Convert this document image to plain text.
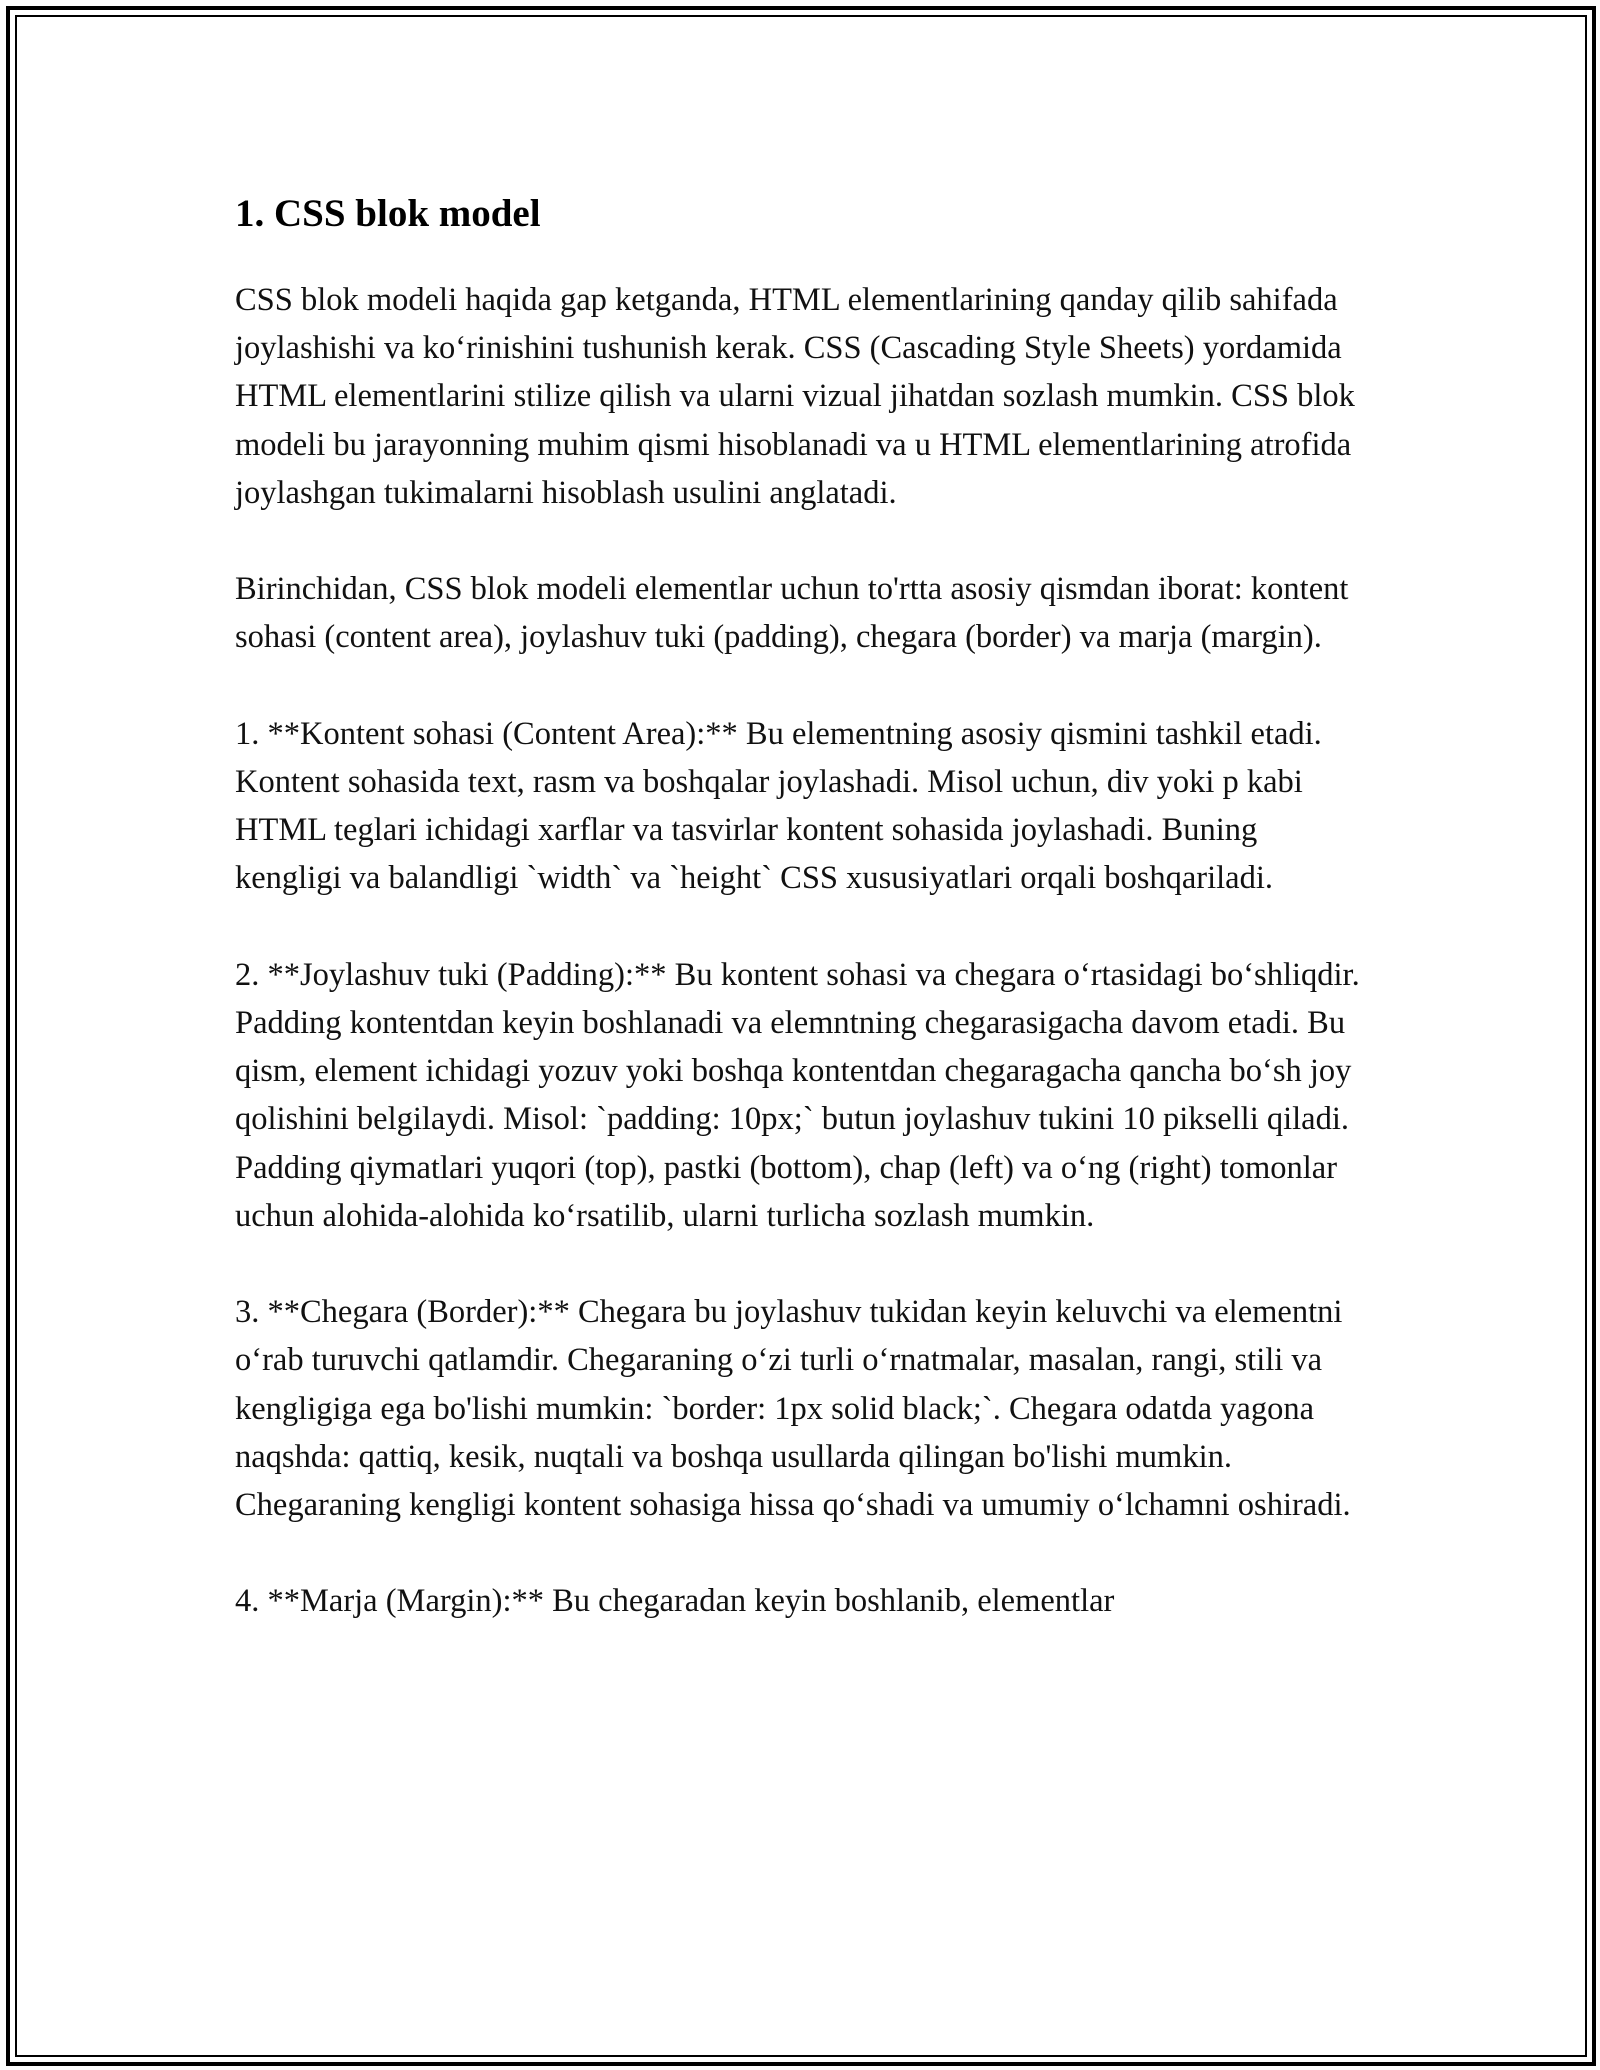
1. CSS blok model

CSS blok modeli haqida gap ketganda, HTML elementlarining qanday qilib sahifada joylashishi va koʻrinishini tushunish kerak. CSS (Cascading Style Sheets) yordamida HTML elementlarini stilize qilish va ularni vizual jihatdan sozlash mumkin. CSS blok modeli bu jarayonning muhim qismi hisoblanadi va u HTML elementlarining atrofida joylashgan tukimalarni hisoblash usulini anglatadi.

Birinchidan, CSS blok modeli elementlar uchun to'rtta asosiy qismdan iborat: kontent sohasi (content area), joylashuv tuki (padding), chegara (border) va marja (margin).

1. **Kontent sohasi (Content Area):** Bu elementning asosiy qismini tashkil etadi. Kontent sohasida text, rasm va boshqalar joylashadi. Misol uchun, div yoki p kabi HTML teglari ichidagi xarflar va tasvirlar kontent sohasida joylashadi. Buning kengligi va balandligi `width` va `height` CSS xususiyatlari orqali boshqariladi.

2. **Joylashuv tuki (Padding):** Bu kontent sohasi va chegara oʻrtasidagi boʻshliqdir. Padding kontentdan keyin boshlanadi va elemntning chegarasigacha davom etadi. Bu qism, element ichidagi yozuv yoki boshqa kontentdan chegaragacha qancha boʻsh joy qolishini belgilaydi. Misol: `padding: 10px;` butun joylashuv tukini 10 pikselli qiladi. Padding qiymatlari yuqori (top), pastki (bottom), chap (left) va oʻng (right) tomonlar uchun alohida-alohida koʻrsatilib, ularni turlicha sozlash mumkin.

3. **Chegara (Border):** Chegara bu joylashuv tukidan keyin keluvchi va elementni oʻrab turuvchi qatlamdir. Chegaraning oʻzi turli oʻrnatmalar, masalan, rangi, stili va kengligiga ega bo'lishi mumkin: `border: 1px solid black;`. Chegara odatda yagona naqshda: qattiq, kesik, nuqtali va boshqa usullarda qilingan bo'lishi mumkin. Chegaraning kengligi kontent sohasiga hissa qoʻshadi va umumiy oʻlchamni oshiradi.

4. **Marja (Margin):** Bu chegaradan keyin boshlanib, elementlar
